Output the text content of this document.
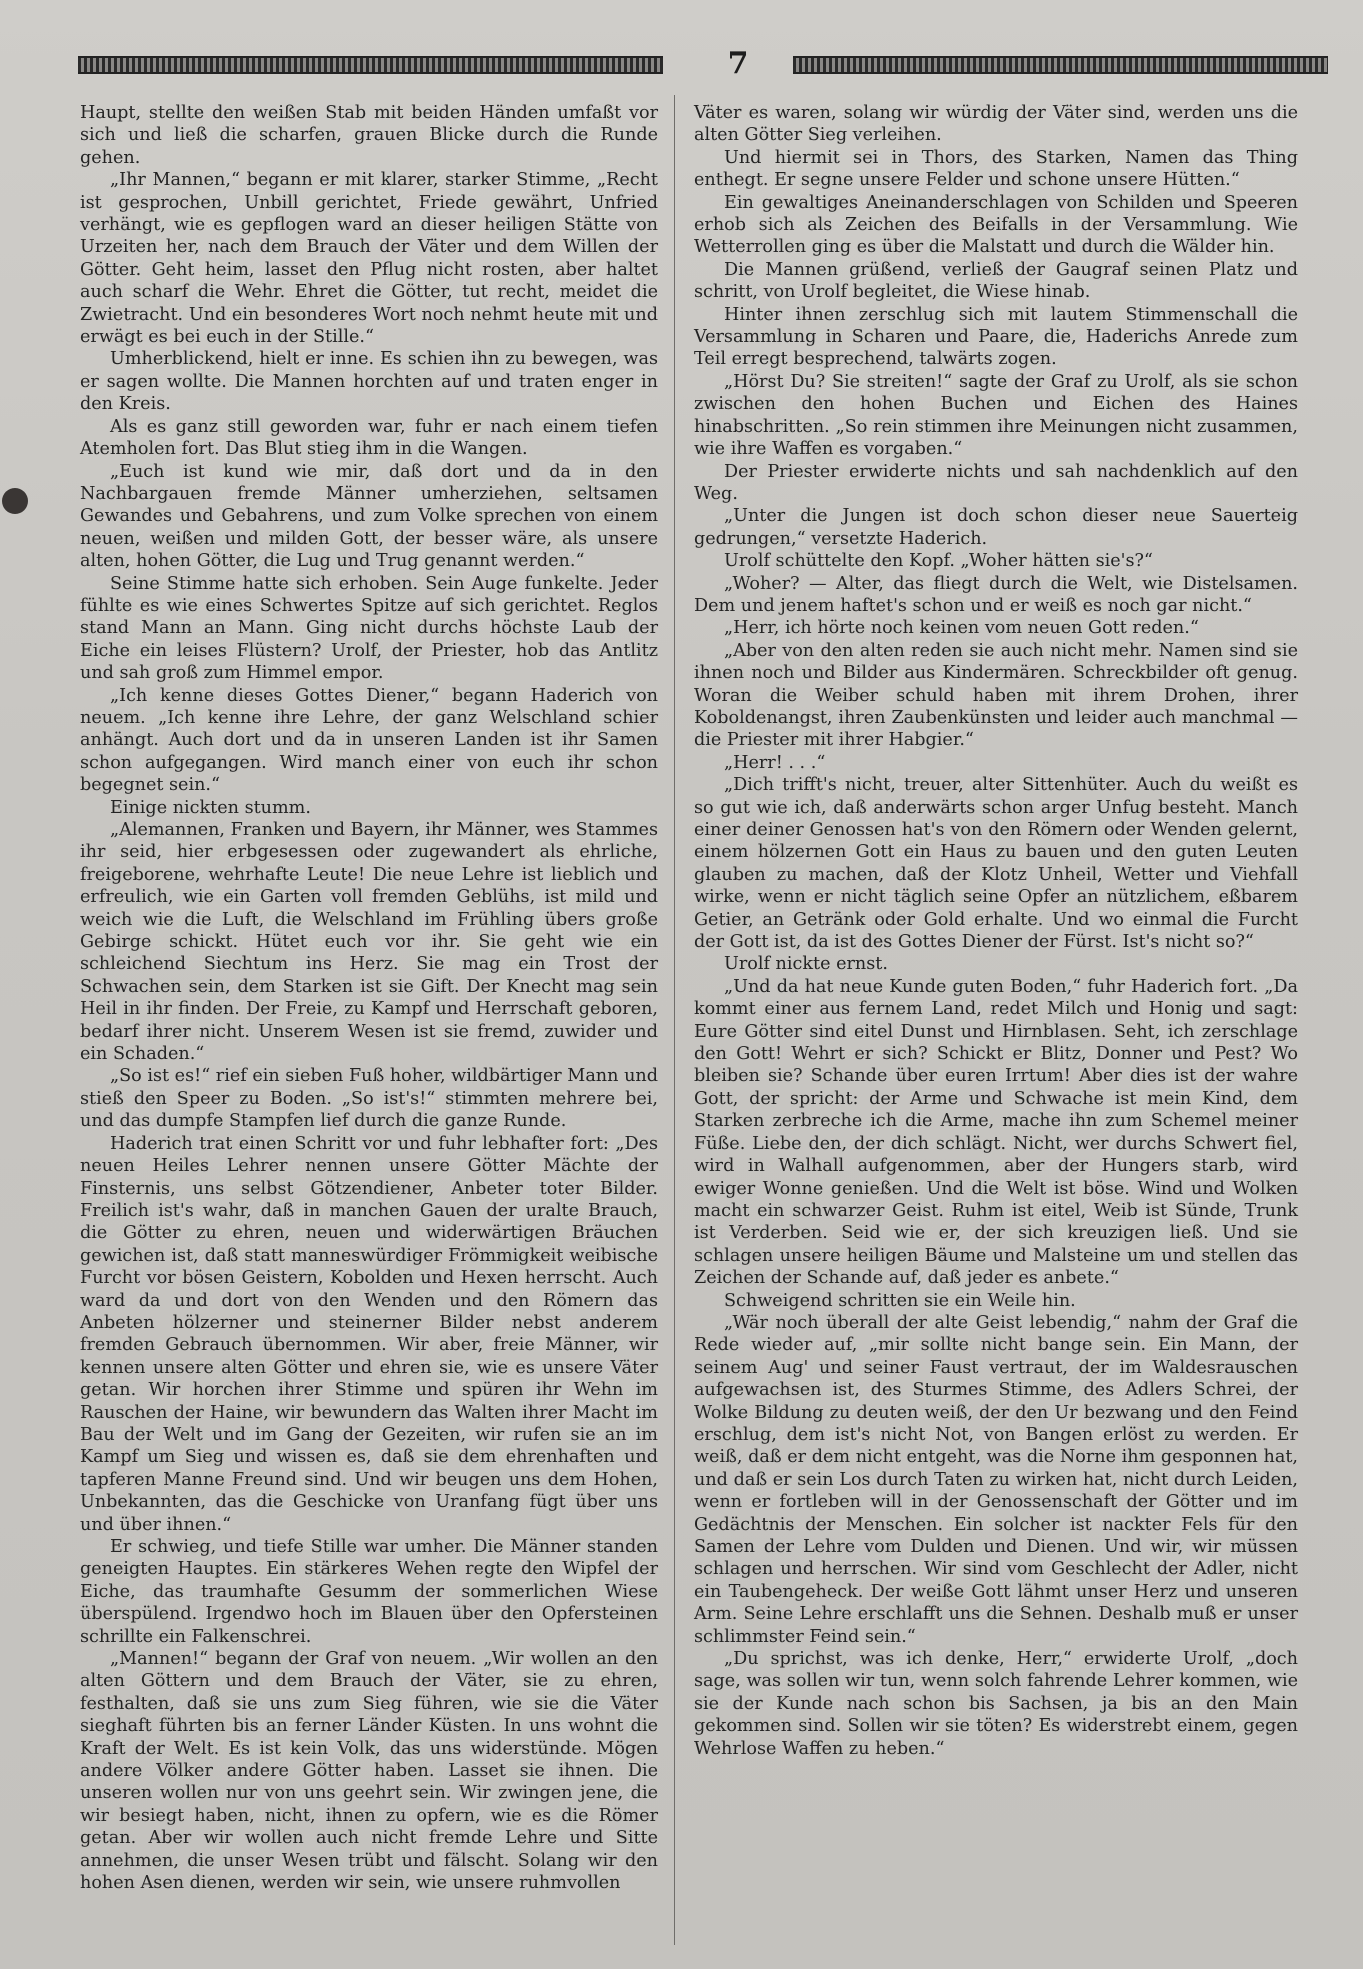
7

Haupt, stellte den weißen Stab mit beiden Händen umfaßt vor sich und ließ die scharfen, grauen Blicke durch die Runde gehen.

„Ihr Mannen,“ begann er mit klarer, starker Stimme, „Recht ist gesprochen, Unbill gerichtet, Friede gewährt, Unfried verhängt, wie es gepflogen ward an dieser heiligen Stätte von Urzeiten her, nach dem Brauch der Väter und dem Willen der Götter. Geht heim, lasset den Pflug nicht rosten, aber haltet auch scharf die Wehr. Ehret die Götter, tut recht, meidet die Zwietracht. Und ein besonderes Wort noch nehmt heute mit und erwägt es bei euch in der Stille.“

Umherblickend, hielt er inne. Es schien ihn zu bewegen, was er sagen wollte. Die Mannen horchten auf und traten enger in den Kreis.

Als es ganz still geworden war, fuhr er nach einem tiefen Atemholen fort. Das Blut stieg ihm in die Wangen.

„Euch ist kund wie mir, daß dort und da in den Nachbargauen fremde Männer umherziehen, seltsamen Gewandes und Gebahrens, und zum Volke sprechen von einem neuen, weißen und milden Gott, der besser wäre, als unsere alten, hohen Götter, die Lug und Trug genannt werden.“

Seine Stimme hatte sich erhoben. Sein Auge funkelte. Jeder fühlte es wie eines Schwertes Spitze auf sich gerichtet. Reglos stand Mann an Mann. Ging nicht durchs höchste Laub der Eiche ein leises Flüstern? Urolf, der Priester, hob das Antlitz und sah groß zum Himmel empor.

„Ich kenne dieses Gottes Diener,“ begann Haderich von neuem. „Ich kenne ihre Lehre, der ganz Welschland schier anhängt. Auch dort und da in unseren Landen ist ihr Samen schon aufgegangen. Wird manch einer von euch ihr schon begegnet sein.“

Einige nickten stumm.

„Alemannen, Franken und Bayern, ihr Männer, wes Stammes ihr seid, hier erbgesessen oder zugewandert als ehrliche, freigeborene, wehrhafte Leute! Die neue Lehre ist lieblich und erfreulich, wie ein Garten voll fremden Geblühs, ist mild und weich wie die Luft, die Welschland im Frühling übers große Gebirge schickt. Hütet euch vor ihr. Sie geht wie ein schleichend Siechtum ins Herz. Sie mag ein Trost der Schwachen sein, dem Starken ist sie Gift. Der Knecht mag sein Heil in ihr finden. Der Freie, zu Kampf und Herrschaft geboren, bedarf ihrer nicht. Unserem Wesen ist sie fremd, zuwider und ein Schaden.“

„So ist es!“ rief ein sieben Fuß hoher, wildbärtiger Mann und stieß den Speer zu Boden. „So ist's!“ stimmten mehrere bei, und das dumpfe Stampfen lief durch die ganze Runde.

Haderich trat einen Schritt vor und fuhr lebhafter fort: „Des neuen Heiles Lehrer nennen unsere Götter Mächte der Finsternis, uns selbst Götzendiener, Anbeter toter Bilder. Freilich ist's wahr, daß in manchen Gauen der uralte Brauch, die Götter zu ehren, neuen und widerwärtigen Bräuchen gewichen ist, daß statt manneswürdiger Frömmigkeit weibische Furcht vor bösen Geistern, Kobolden und Hexen herrscht. Auch ward da und dort von den Wenden und den Römern das Anbeten hölzerner und steinerner Bilder nebst anderem fremden Gebrauch übernommen. Wir aber, freie Männer, wir kennen unsere alten Götter und ehren sie, wie es unsere Väter getan. Wir horchen ihrer Stimme und spüren ihr Wehn im Rauschen der Haine, wir bewundern das Walten ihrer Macht im Bau der Welt und im Gang der Gezeiten, wir rufen sie an im Kampf um Sieg und wissen es, daß sie dem ehrenhaften und tapferen Manne Freund sind. Und wir beugen uns dem Hohen, Unbekannten, das die Geschicke von Uranfang fügt über uns und über ihnen.“

Er schwieg, und tiefe Stille war umher. Die Männer standen geneigten Hauptes. Ein stärkeres Wehen regte den Wipfel der Eiche, das traumhafte Gesumm der sommerlichen Wiese überspülend. Irgendwo hoch im Blauen über den Opfersteinen schrillte ein Falkenschrei.

„Mannen!“ begann der Graf von neuem. „Wir wollen an den alten Göttern und dem Brauch der Väter, sie zu ehren, festhalten, daß sie uns zum Sieg führen, wie sie die Väter sieghaft führten bis an ferner Länder Küsten. In uns wohnt die Kraft der Welt. Es ist kein Volk, das uns widerstünde. Mögen andere Völker andere Götter haben. Lasset sie ihnen. Die unseren wollen nur von uns geehrt sein. Wir zwingen jene, die wir besiegt haben, nicht, ihnen zu opfern, wie es die Römer getan. Aber wir wollen auch nicht fremde Lehre und Sitte annehmen, die unser Wesen trübt und fälscht. Solang wir den hohen Asen dienen, werden wir sein, wie unsere ruhmvollen

Väter es waren, solang wir würdig der Väter sind, werden uns die alten Götter Sieg verleihen.

Und hiermit sei in Thors, des Starken, Namen das Thing enthegt. Er segne unsere Felder und schone unsere Hütten.“

Ein gewaltiges Aneinanderschlagen von Schilden und Speeren erhob sich als Zeichen des Beifalls in der Versammlung. Wie Wetterrollen ging es über die Malstatt und durch die Wälder hin.

Die Mannen grüßend, verließ der Gaugraf seinen Platz und schritt, von Urolf begleitet, die Wiese hinab.

Hinter ihnen zerschlug sich mit lautem Stimmenschall die Versammlung in Scharen und Paare, die, Haderichs Anrede zum Teil erregt besprechend, talwärts zogen.

„Hörst Du? Sie streiten!“ sagte der Graf zu Urolf, als sie schon zwischen den hohen Buchen und Eichen des Haines hinabschritten. „So rein stimmen ihre Meinungen nicht zusammen, wie ihre Waffen es vorgaben.“

Der Priester erwiderte nichts und sah nachdenklich auf den Weg.

„Unter die Jungen ist doch schon dieser neue Sauerteig gedrungen,“ versetzte Haderich.

Urolf schüttelte den Kopf. „Woher hätten sie's?“

„Woher? — Alter, das fliegt durch die Welt, wie Distelsamen. Dem und jenem haftet's schon und er weiß es noch gar nicht.“

„Herr, ich hörte noch keinen vom neuen Gott reden.“

„Aber von den alten reden sie auch nicht mehr. Namen sind sie ihnen noch und Bilder aus Kindermären. Schreckbilder oft genug. Woran die Weiber schuld haben mit ihrem Drohen, ihrer Koboldenangst, ihren Zaubenkünsten und leider auch manchmal — die Priester mit ihrer Habgier.“

„Herr! . . .“

„Dich trifft's nicht, treuer, alter Sittenhüter. Auch du weißt es so gut wie ich, daß anderwärts schon arger Unfug besteht. Manch einer deiner Genossen hat's von den Römern oder Wenden gelernt, einem hölzernen Gott ein Haus zu bauen und den guten Leuten glauben zu machen, daß der Klotz Unheil, Wetter und Viehfall wirke, wenn er nicht täglich seine Opfer an nützlichem, eßbarem Getier, an Getränk oder Gold erhalte. Und wo einmal die Furcht der Gott ist, da ist des Gottes Diener der Fürst. Ist's nicht so?“

Urolf nickte ernst.

„Und da hat neue Kunde guten Boden,“ fuhr Haderich fort. „Da kommt einer aus fernem Land, redet Milch und Honig und sagt: Eure Götter sind eitel Dunst und Hirnblasen. Seht, ich zerschlage den Gott! Wehrt er sich? Schickt er Blitz, Donner und Pest? Wo bleiben sie? Schande über euren Irrtum! Aber dies ist der wahre Gott, der spricht: der Arme und Schwache ist mein Kind, dem Starken zerbreche ich die Arme, mache ihn zum Schemel meiner Füße. Liebe den, der dich schlägt. Nicht, wer durchs Schwert fiel, wird in Walhall aufgenommen, aber der Hungers starb, wird ewiger Wonne genießen. Und die Welt ist böse. Wind und Wolken macht ein schwarzer Geist. Ruhm ist eitel, Weib ist Sünde, Trunk ist Verderben. Seid wie er, der sich kreuzigen ließ. Und sie schlagen unsere heiligen Bäume und Malsteine um und stellen das Zeichen der Schande auf, daß jeder es anbete.“

Schweigend schritten sie ein Weile hin.

„Wär noch überall der alte Geist lebendig,“ nahm der Graf die Rede wieder auf, „mir sollte nicht bange sein. Ein Mann, der seinem Aug' und seiner Faust vertraut, der im Waldesrauschen aufgewachsen ist, des Sturmes Stimme, des Adlers Schrei, der Wolke Bildung zu deuten weiß, der den Ur bezwang und den Feind erschlug, dem ist's nicht Not, von Bangen erlöst zu werden. Er weiß, daß er dem nicht entgeht, was die Norne ihm gesponnen hat, und daß er sein Los durch Taten zu wirken hat, nicht durch Leiden, wenn er fortleben will in der Genossenschaft der Götter und im Gedächtnis der Menschen. Ein solcher ist nackter Fels für den Samen der Lehre vom Dulden und Dienen. Und wir, wir müssen schlagen und herrschen. Wir sind vom Geschlecht der Adler, nicht ein Taubengeheck. Der weiße Gott lähmt unser Herz und unseren Arm. Seine Lehre erschlafft uns die Sehnen. Deshalb muß er unser schlimmster Feind sein.“

„Du sprichst, was ich denke, Herr,“ erwiderte Urolf, „doch sage, was sollen wir tun, wenn solch fahrende Lehrer kommen, wie sie der Kunde nach schon bis Sachsen, ja bis an den Main gekommen sind. Sollen wir sie töten? Es widerstrebt einem, gegen Wehrlose Waffen zu heben.“
